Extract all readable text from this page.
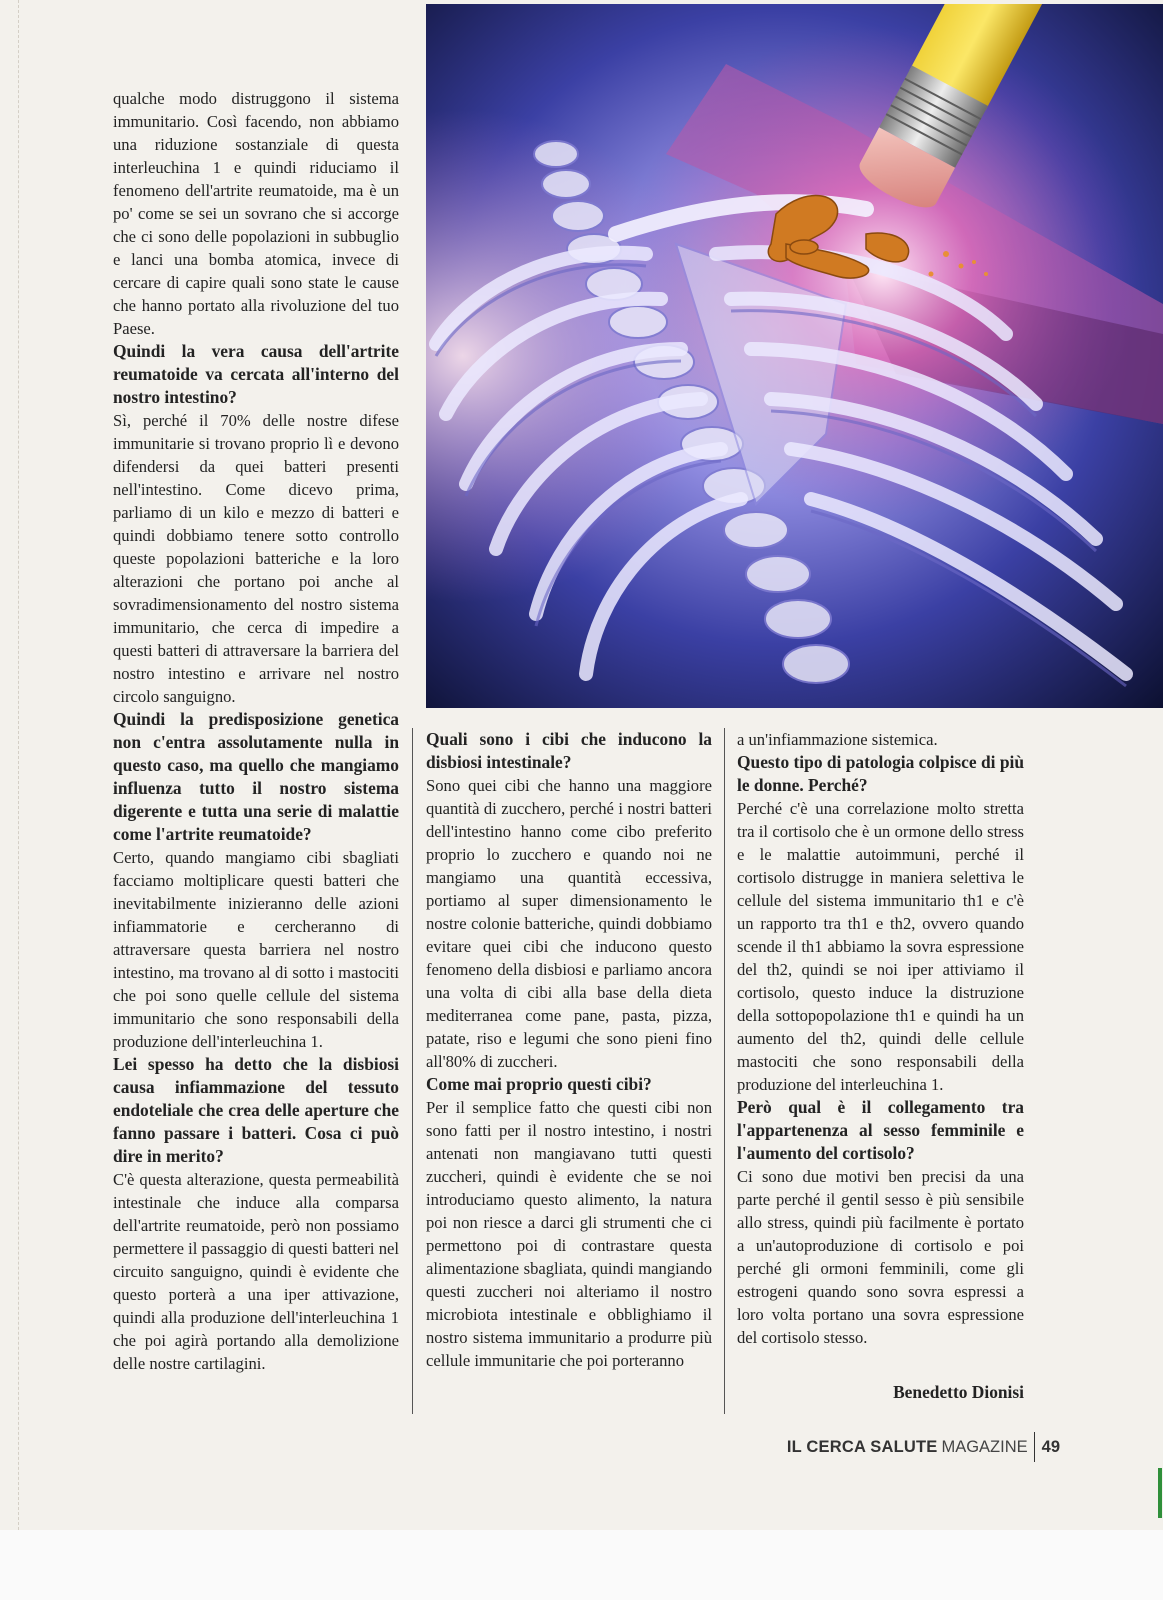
qualche modo distruggono il sistema immunitario. Così facendo, non abbiamo una riduzione sostanziale di questa interleuchina 1 e quindi riduciamo il fenomeno dell'artrite reumatoide, ma è un po' come se sei un sovrano che si accorge che ci sono delle popolazioni in subbuglio e lanci una bomba atomica, invece di cercare di capire quali sono state le cause che hanno portato alla rivoluzione del tuo Paese.

Quindi la vera causa dell'artrite reumatoide va cercata all'interno del nostro intestino?

Sì, perché il 70% delle nostre difese immunitarie si trovano proprio lì e devono difendersi da quei batteri presenti nell'intestino. Come dicevo prima, parliamo di un kilo e mezzo di batteri e quindi dobbiamo tenere sotto controllo queste popolazioni batteriche e la loro alterazioni che portano poi anche al sovradimensionamento del nostro sistema immunitario, che cerca di impedire a questi batteri di attraversare la barriera del nostro intestino e arrivare nel nostro circolo sanguigno.

Quindi la predisposizione genetica non c'entra assolutamente nulla in questo caso, ma quello che mangiamo influenza tutto il nostro sistema digerente e tutta una serie di malattie come l'artrite reumatoide?

Certo, quando mangiamo cibi sbagliati facciamo moltiplicare questi batteri che inevitabilmente inizieranno delle azioni infiammatorie e cercheranno di attraversare questa barriera nel nostro intestino, ma trovano al di sotto i mastociti che poi sono quelle cellule del sistema immunitario che sono responsabili della produzione dell'interleuchina 1.

Lei spesso ha detto che la disbiosi causa infiammazione del tessuto endoteliale che crea delle aperture che fanno passare i batteri. Cosa ci può dire in merito?

C'è questa alterazione, questa permeabilità intestinale che induce alla comparsa dell'artrite reumatoide, però non possiamo permettere il passaggio di questi batteri nel circuito sanguigno, quindi è evidente che questo porterà a una iper attivazione, quindi alla produzione dell'interleuchina 1 che poi agirà portando alla demolizione delle nostre cartilagini.

Quali sono i cibi che inducono la disbiosi intestinale?

Sono quei cibi che hanno una maggiore quantità di zucchero, perché i nostri batteri dell'intestino hanno come cibo preferito proprio lo zucchero e quando noi ne mangiamo una quantità eccessiva, portiamo al super dimensionamento le nostre colonie batteriche, quindi dobbiamo evitare quei cibi che inducono questo fenomeno della disbiosi e parliamo ancora una volta di cibi alla base della dieta mediterranea come pane, pasta, pizza, patate, riso e legumi che sono pieni fino all'80% di zuccheri.

Come mai proprio questi cibi?

Per il semplice fatto che questi cibi non sono fatti per il nostro intestino, i nostri antenati non mangiavano tutti questi zuccheri, quindi è evidente che se noi introduciamo questo alimento, la natura poi non riesce a darci gli strumenti che ci permettono poi di contrastare questa alimentazione sbagliata, quindi mangiando questi zuccheri noi alteriamo il nostro microbiota intestinale e obblighiamo il nostro sistema immunitario a produrre più cellule immunitarie che poi porteranno

a un'infiammazione sistemica.

Questo tipo di patologia colpisce di più le donne. Perché?

Perché c'è una correlazione molto stretta tra il cortisolo che è un ormone dello stress e le malattie autoimmuni, perché il cortisolo distrugge in maniera selettiva le cellule del sistema immunitario th1 e c'è un rapporto tra th1 e th2, ovvero quando scende il th1 abbiamo la sovra espressione del th2, quindi se noi iper attiviamo il cortisolo, questo induce la distruzione della sottopopolazione th1 e quindi ha un aumento del th2, quindi delle cellule mastociti che sono responsabili della produzione del interleuchina 1.

Però qual è il collegamento tra l'appartenenza al sesso femminile e l'aumento del cortisolo?

Ci sono due motivi ben precisi da una parte perché il gentil sesso è più sensibile allo stress, quindi più facilmente è portato a un'autoproduzione di cortisolo e poi perché gli ormoni femminili, come gli estrogeni quando sono sovra espressi a loro volta portano una sovra espressione del cortisolo stesso.

Benedetto Dionisi
IL CERCA SALUTE MAGAZINE 49
